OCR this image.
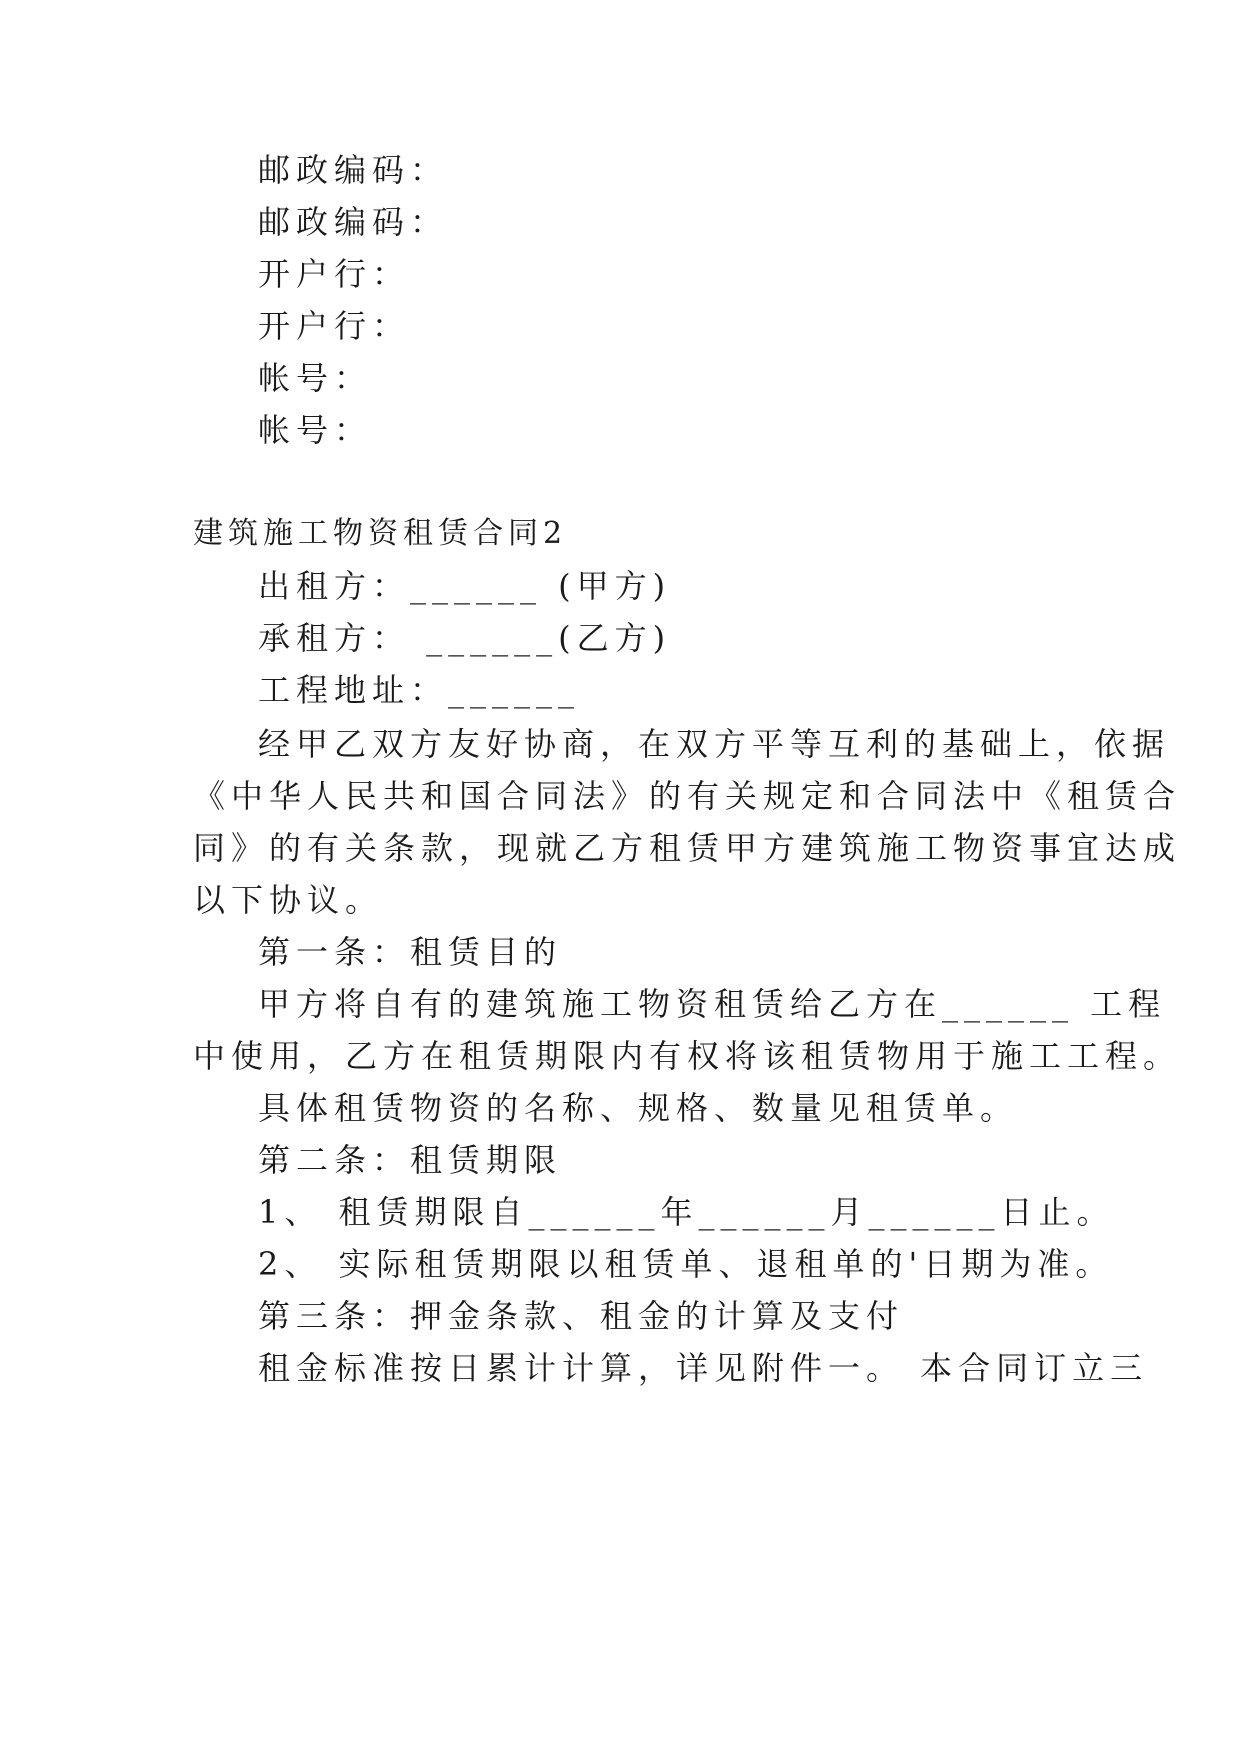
邮政编码：
邮政编码：
开户行：
开户行：
帐号：
帐号：
建筑施工物资租赁合同2
出租方：______ (甲方)
承租方： ______(乙方)
工程地址：______
经甲乙双方友好协商，在双方平等互利的基础上，依据
《中华人民共和国合同法》的有关规定和合同法中《租赁合
同》的有关条款，现就乙方租赁甲方建筑施工物资事宜达成
以下协议。
第一条：租赁目的
甲方将自有的建筑施工物资租赁给乙方在______ 工程
中使用，乙方在租赁期限内有权将该租赁物用于施工工程。
具体租赁物资的名称、规格、数量见租赁单。
第二条：租赁期限
1、 租赁期限自______年______月______日止。
2、 实际租赁期限以租赁单、退租单的'日期为准。
第三条：押金条款、租金的计算及支付
租金标准按日累计计算，详见附件一。 本合同订立三
